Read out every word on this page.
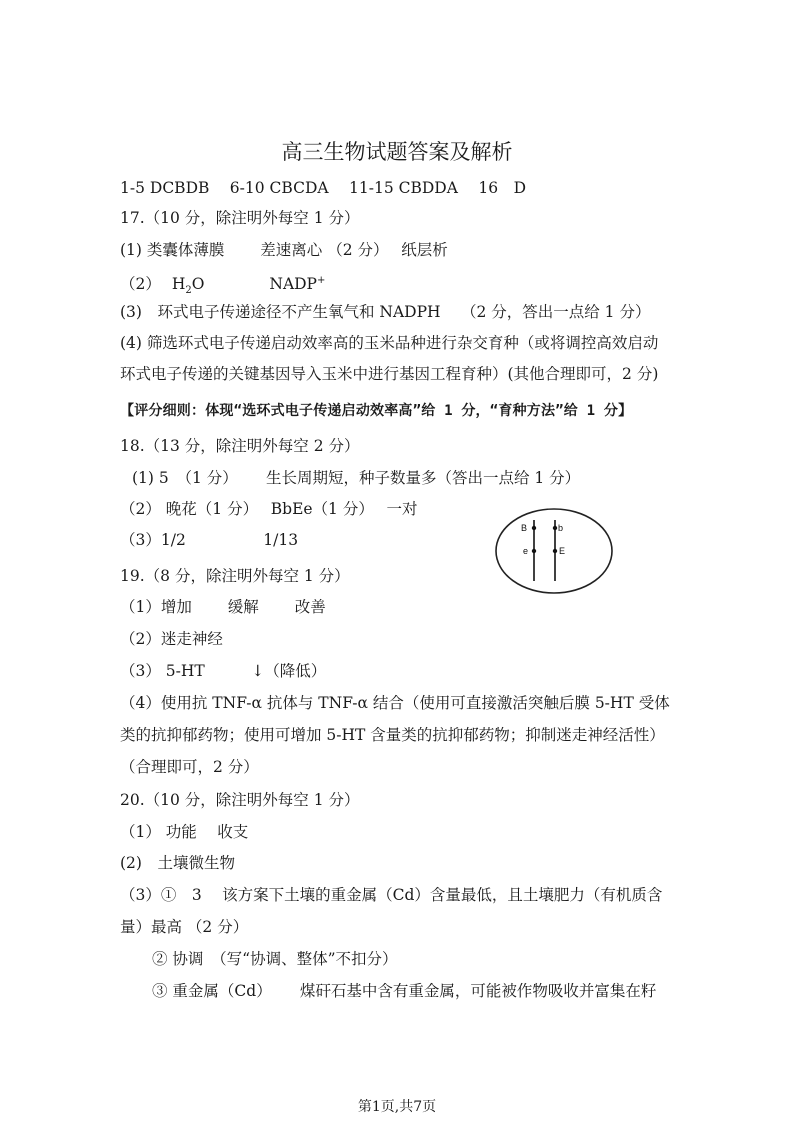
高三生物试题答案及解析
1-5 DCBDB　 6-10 CBCDA　 11-15 CBDDA　 16　D
17.（10 分，除注明外每空 1 分）
(1) 类囊体薄膜　　 差速离心 （2 分）　 纸层析
（2） $H_2O$	NADP+
(3)　环式电子传递途径不产生氧气和 NADPH　 （2 分，答出一点给 1 分）
(4) 筛选环式电子传递启动效率高的玉米品种进行杂交育种（或将调控高效启动
环式电子传递的关键基因导入玉米中进行基因工程育种）(其他合理即可，2 分)
【评分细则：体现“选环式电子传递启动效率高”给 1 分，“育种方法”给 1 分】
18.（13 分，除注明外每空 2 分）
(1) 5　（1 分）　　 生长周期短，种子数量多（答出一点给 1 分）
（2） 晚花（1 分）　 BbEe（1 分）　 一对
（3）1/2　　　　　1/13
B	b
e	E
19.（8 分，除注明外每空 1 分）
（1）增加　　 缓解　　 改善
（2）迷走神经
（3） 5-HT　　　↓（降低）
（4）使用抗 TNF-α 抗体与 TNF-α 结合（使用可直接激活突触后膜 5-HT 受体
类的抗抑郁药物；使用可增加 5-HT 含量类的抗抑郁药物；抑制迷走神经活性）
（合理即可，2 分）
20.（10 分，除注明外每空 1 分）
（1） 功能　 收支
(2)　土壤微生物
（3）①　3　 该方案下土壤的重金属（Cd）含量最低，且土壤肥力（有机质含
量）最高 （2 分）
② 协调　（写“协调、整体”不扣分）
③ 重金属（Cd）　　 煤矸石基中含有重金属，可能被作物吸收并富集在籽
第1页,共7页
